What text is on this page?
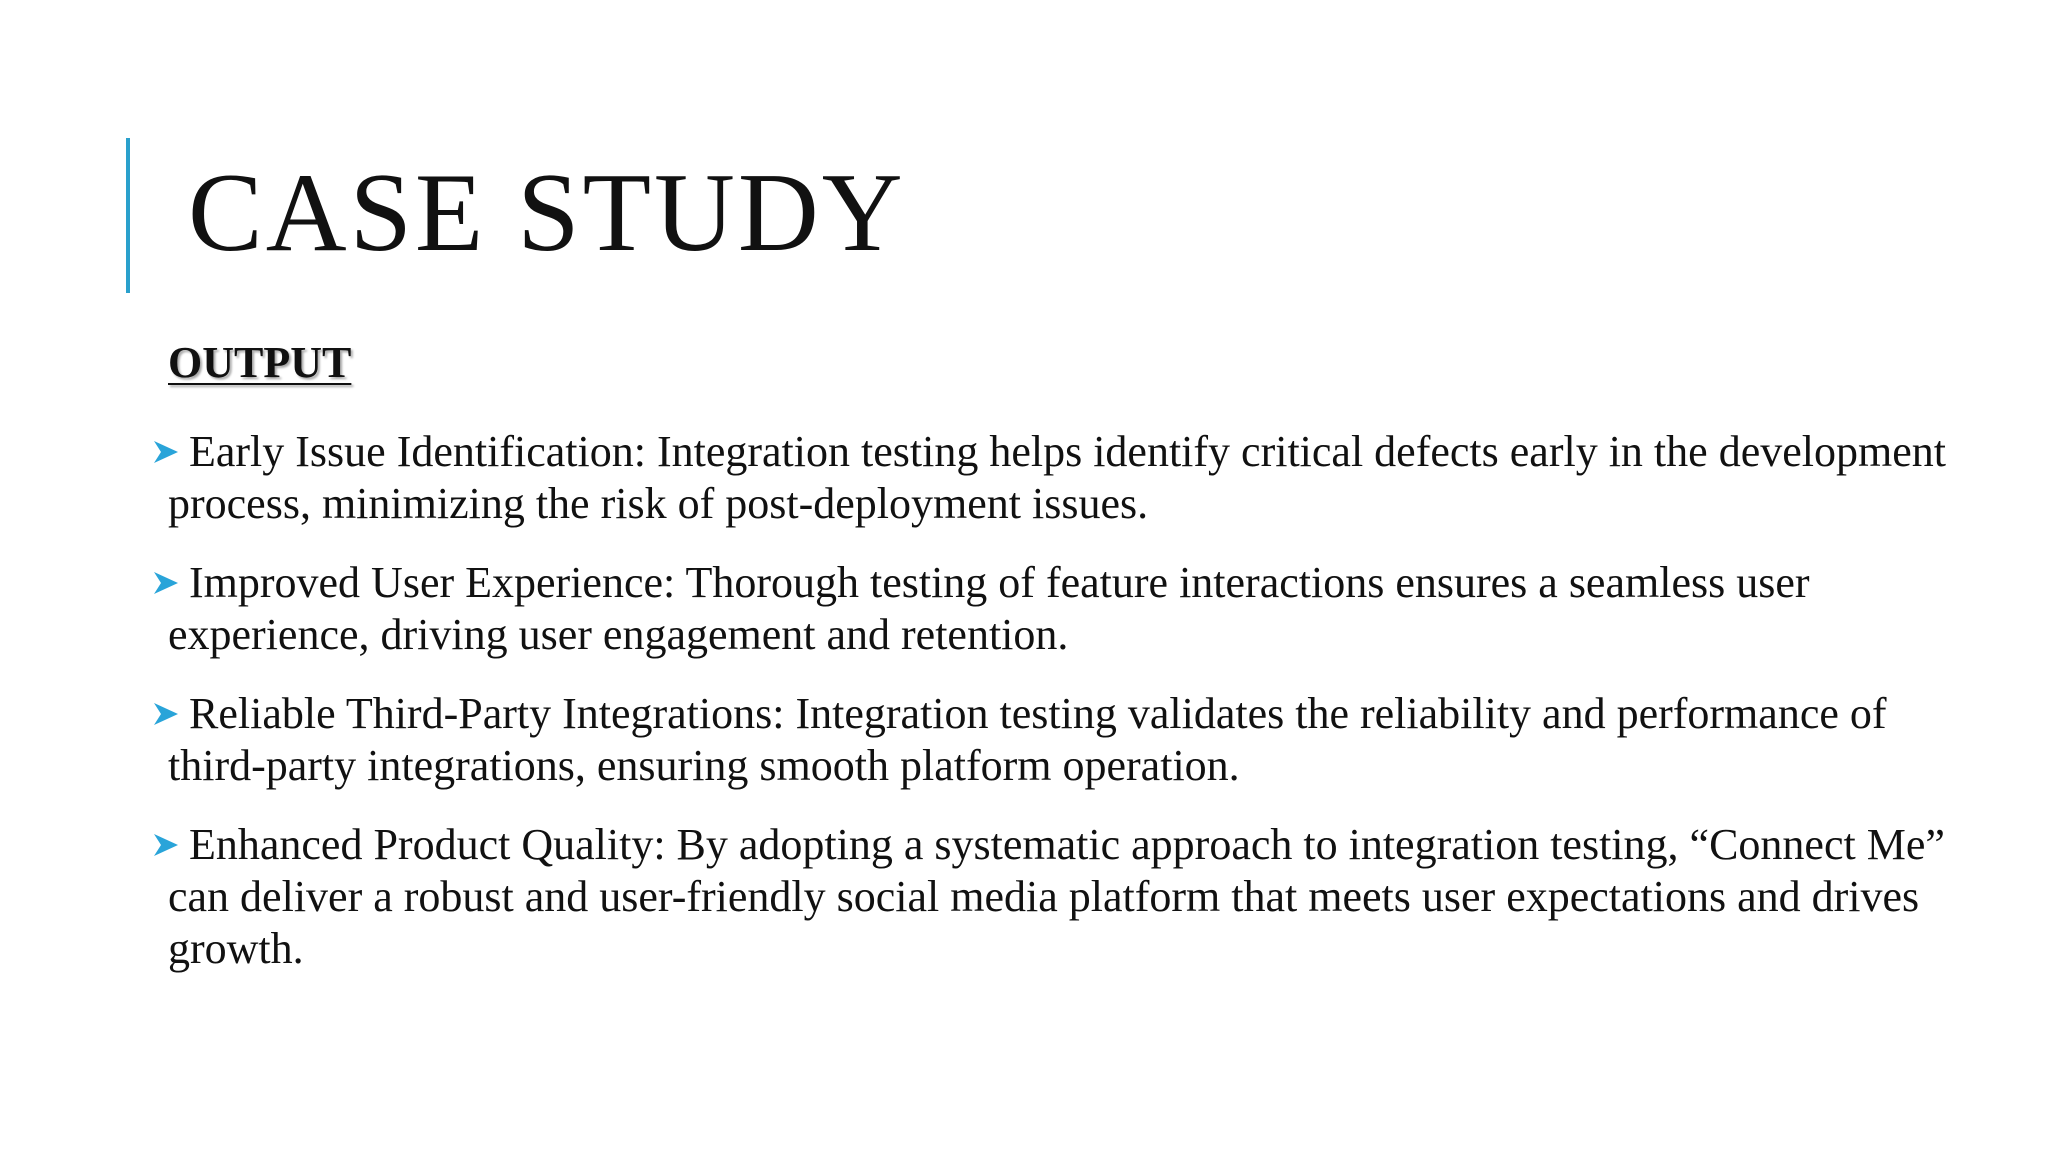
CASE STUDY
OUTPUT
Early Issue Identification: Integration testing helps identify critical defects early in the development process, minimizing the risk of post-deployment issues.
Improved User Experience: Thorough testing of feature interactions ensures a seamless user experience, driving user engagement and retention.
Reliable Third-Party Integrations: Integration testing validates the reliability and performance of third-party integrations, ensuring smooth platform operation.
Enhanced Product Quality: By adopting a systematic approach to integration testing, “Connect Me” can deliver a robust and user-friendly social media platform that meets user expectations and drives growth.
